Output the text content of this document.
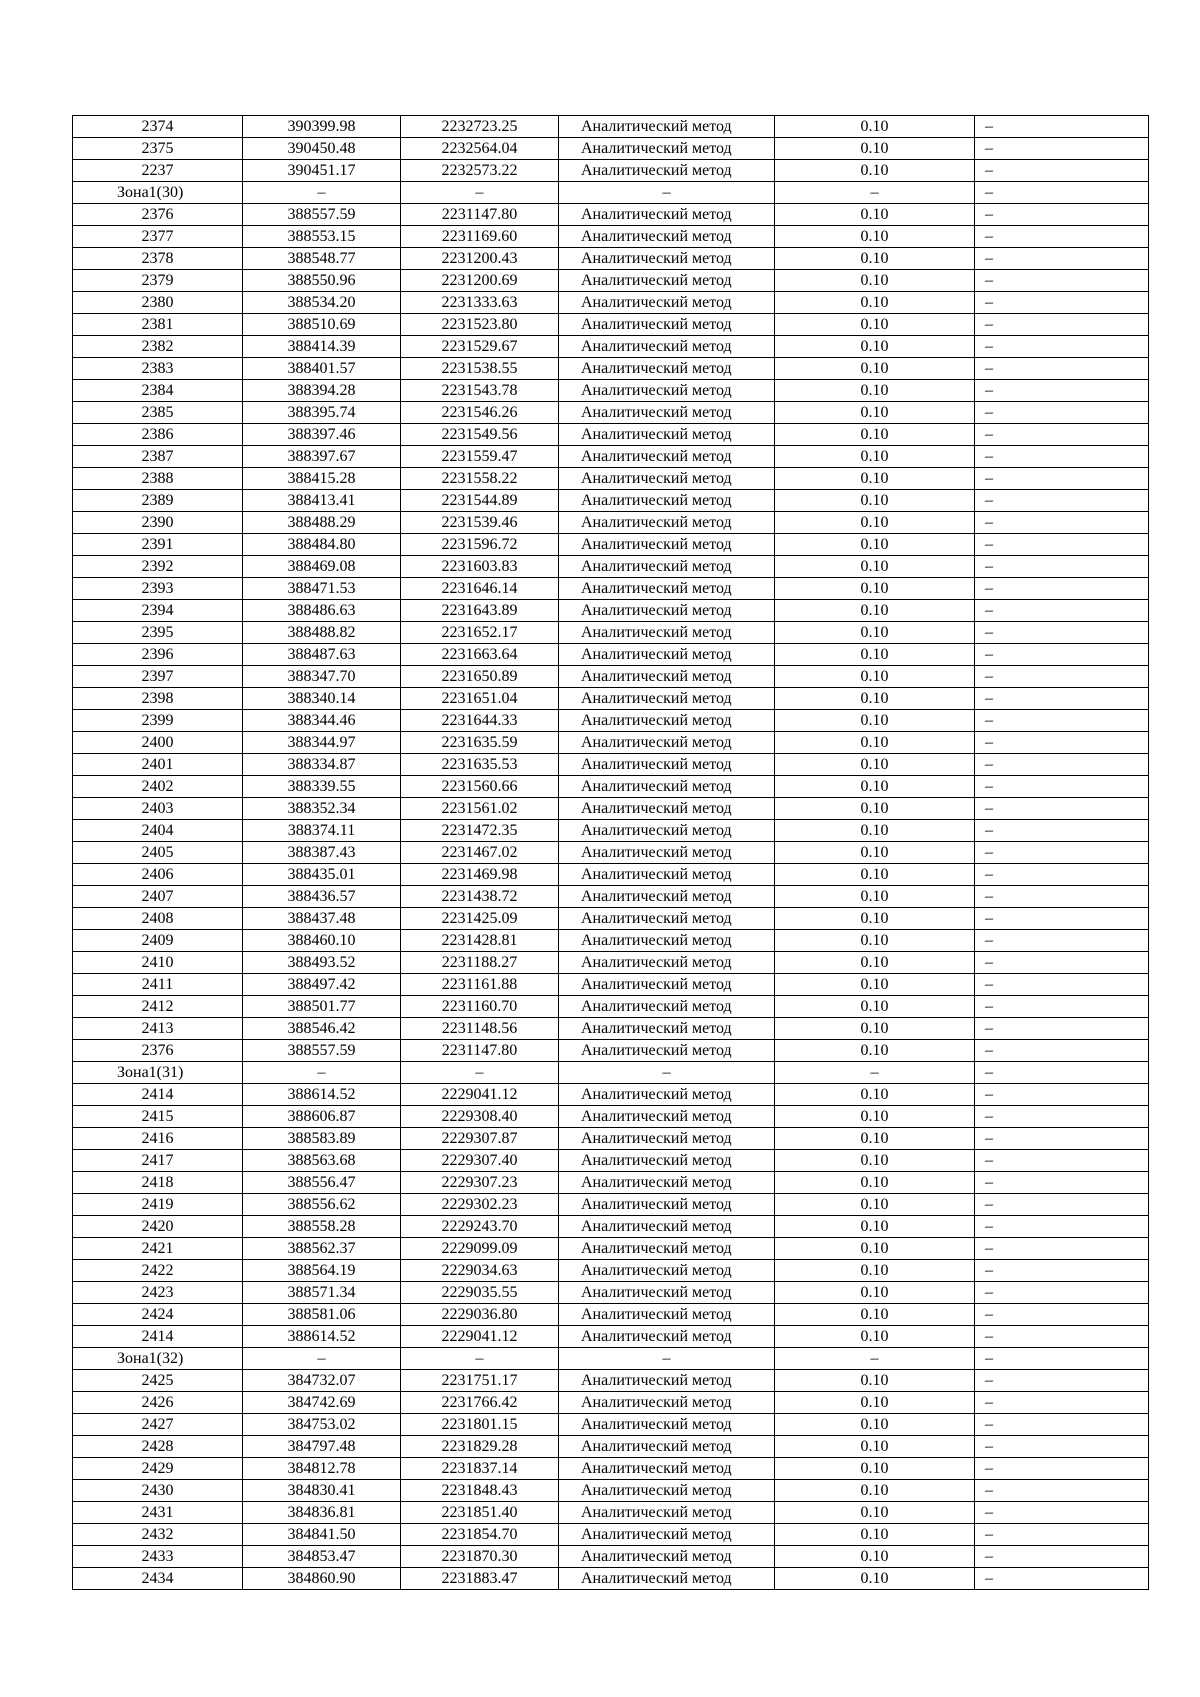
2374	390399.98	2232723.25	Аналитический метод	0.10	–
2375	390450.48	2232564.04	Аналитический метод	0.10	–
2237	390451.17	2232573.22	Аналитический метод	0.10	–
Зона1(30)	–	–	–	–	–
2376	388557.59	2231147.80	Аналитический метод	0.10	–
2377	388553.15	2231169.60	Аналитический метод	0.10	–
2378	388548.77	2231200.43	Аналитический метод	0.10	–
2379	388550.96	2231200.69	Аналитический метод	0.10	–
2380	388534.20	2231333.63	Аналитический метод	0.10	–
2381	388510.69	2231523.80	Аналитический метод	0.10	–
2382	388414.39	2231529.67	Аналитический метод	0.10	–
2383	388401.57	2231538.55	Аналитический метод	0.10	–
2384	388394.28	2231543.78	Аналитический метод	0.10	–
2385	388395.74	2231546.26	Аналитический метод	0.10	–
2386	388397.46	2231549.56	Аналитический метод	0.10	–
2387	388397.67	2231559.47	Аналитический метод	0.10	–
2388	388415.28	2231558.22	Аналитический метод	0.10	–
2389	388413.41	2231544.89	Аналитический метод	0.10	–
2390	388488.29	2231539.46	Аналитический метод	0.10	–
2391	388484.80	2231596.72	Аналитический метод	0.10	–
2392	388469.08	2231603.83	Аналитический метод	0.10	–
2393	388471.53	2231646.14	Аналитический метод	0.10	–
2394	388486.63	2231643.89	Аналитический метод	0.10	–
2395	388488.82	2231652.17	Аналитический метод	0.10	–
2396	388487.63	2231663.64	Аналитический метод	0.10	–
2397	388347.70	2231650.89	Аналитический метод	0.10	–
2398	388340.14	2231651.04	Аналитический метод	0.10	–
2399	388344.46	2231644.33	Аналитический метод	0.10	–
2400	388344.97	2231635.59	Аналитический метод	0.10	–
2401	388334.87	2231635.53	Аналитический метод	0.10	–
2402	388339.55	2231560.66	Аналитический метод	0.10	–
2403	388352.34	2231561.02	Аналитический метод	0.10	–
2404	388374.11	2231472.35	Аналитический метод	0.10	–
2405	388387.43	2231467.02	Аналитический метод	0.10	–
2406	388435.01	2231469.98	Аналитический метод	0.10	–
2407	388436.57	2231438.72	Аналитический метод	0.10	–
2408	388437.48	2231425.09	Аналитический метод	0.10	–
2409	388460.10	2231428.81	Аналитический метод	0.10	–
2410	388493.52	2231188.27	Аналитический метод	0.10	–
2411	388497.42	2231161.88	Аналитический метод	0.10	–
2412	388501.77	2231160.70	Аналитический метод	0.10	–
2413	388546.42	2231148.56	Аналитический метод	0.10	–
2376	388557.59	2231147.80	Аналитический метод	0.10	–
Зона1(31)	–	–	–	–	–
2414	388614.52	2229041.12	Аналитический метод	0.10	–
2415	388606.87	2229308.40	Аналитический метод	0.10	–
2416	388583.89	2229307.87	Аналитический метод	0.10	–
2417	388563.68	2229307.40	Аналитический метод	0.10	–
2418	388556.47	2229307.23	Аналитический метод	0.10	–
2419	388556.62	2229302.23	Аналитический метод	0.10	–
2420	388558.28	2229243.70	Аналитический метод	0.10	–
2421	388562.37	2229099.09	Аналитический метод	0.10	–
2422	388564.19	2229034.63	Аналитический метод	0.10	–
2423	388571.34	2229035.55	Аналитический метод	0.10	–
2424	388581.06	2229036.80	Аналитический метод	0.10	–
2414	388614.52	2229041.12	Аналитический метод	0.10	–
Зона1(32)	–	–	–	–	–
2425	384732.07	2231751.17	Аналитический метод	0.10	–
2426	384742.69	2231766.42	Аналитический метод	0.10	–
2427	384753.02	2231801.15	Аналитический метод	0.10	–
2428	384797.48	2231829.28	Аналитический метод	0.10	–
2429	384812.78	2231837.14	Аналитический метод	0.10	–
2430	384830.41	2231848.43	Аналитический метод	0.10	–
2431	384836.81	2231851.40	Аналитический метод	0.10	–
2432	384841.50	2231854.70	Аналитический метод	0.10	–
2433	384853.47	2231870.30	Аналитический метод	0.10	–
2434	384860.90	2231883.47	Аналитический метод	0.10	–
